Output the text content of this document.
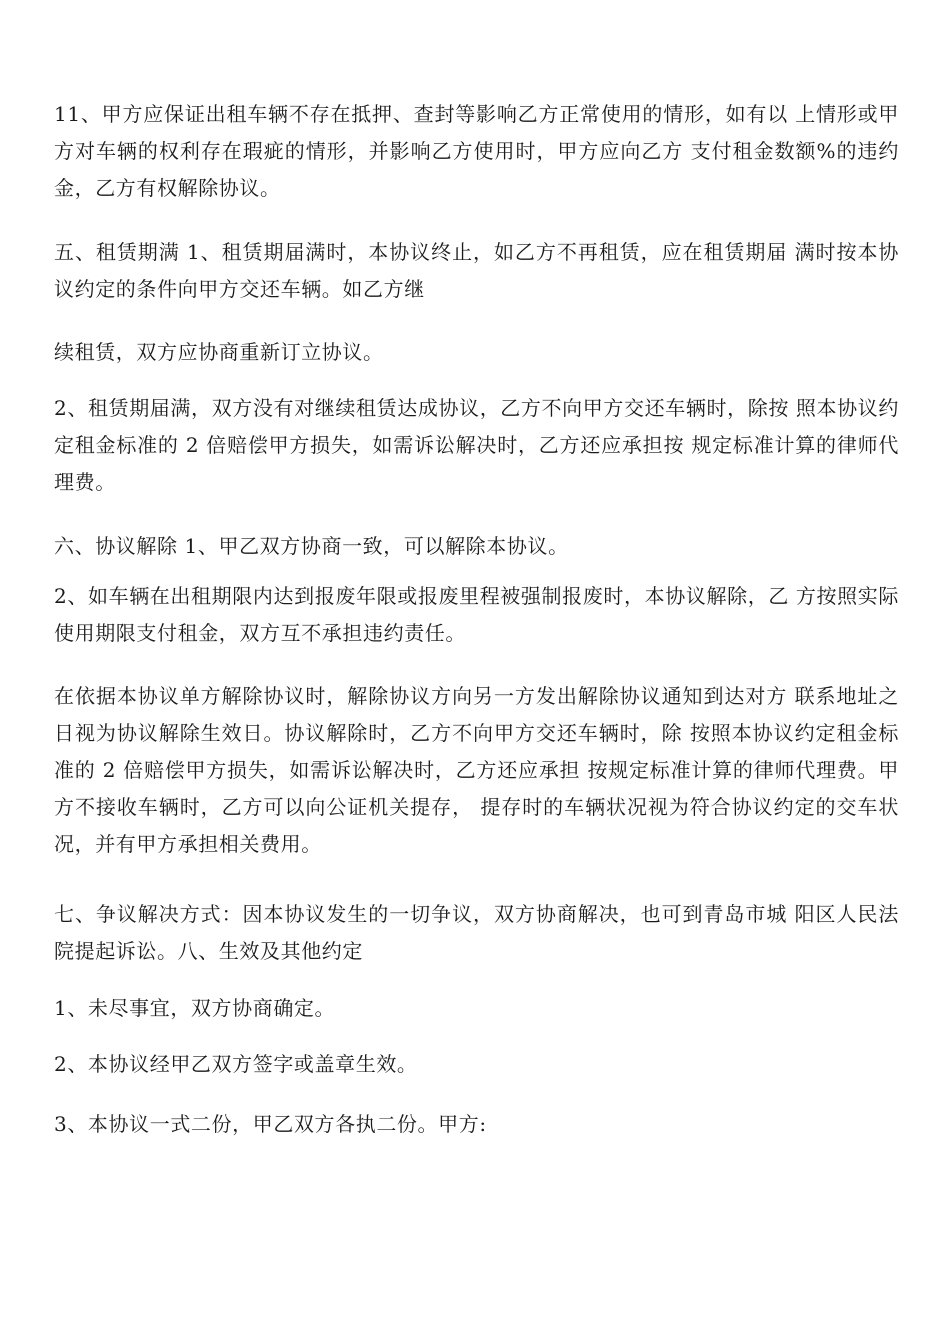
11、甲方应保证出租车辆不存在抵押、查封等影响乙方正常使用的情形，如有以 上情形或甲方对车辆的权利存在瑕疵的情形，并影响乙方使用时，甲方应向乙方 支付租金数额%的违约金，乙方有权解除协议。

五、租赁期满 1、租赁期届满时，本协议终止，如乙方不再租赁，应在租赁期届 满时按本协议约定的条件向甲方交还车辆。如乙方继

续租赁，双方应协商重新订立协议。

2、租赁期届满，双方没有对继续租赁达成协议，乙方不向甲方交还车辆时，除按 照本协议约定租金标准的 2 倍赔偿甲方损失，如需诉讼解决时，乙方还应承担按 规定标准计算的律师代理费。

六、协议解除 1、甲乙双方协商一致，可以解除本协议。

2、如车辆在出租期限内达到报废年限或报废里程被强制报废时，本协议解除，乙 方按照实际使用期限支付租金，双方互不承担违约责任。

在依据本协议单方解除协议时，解除协议方向另一方发出解除协议通知到达对方 联系地址之日视为协议解除生效日。协议解除时，乙方不向甲方交还车辆时，除 按照本协议约定租金标准的 2 倍赔偿甲方损失，如需诉讼解决时，乙方还应承担 按规定标准计算的律师代理费。甲方不接收车辆时，乙方可以向公证机关提存， 提存时的车辆状况视为符合协议约定的交车状况，并有甲方承担相关费用。

七、争议解决方式：因本协议发生的一切争议，双方协商解决，也可到青岛市城 阳区人民法院提起诉讼。八、生效及其他约定

1、未尽事宜，双方协商确定。

2、本协议经甲乙双方签字或盖章生效。

3、本协议一式二份，甲乙双方各执二份。甲方:
